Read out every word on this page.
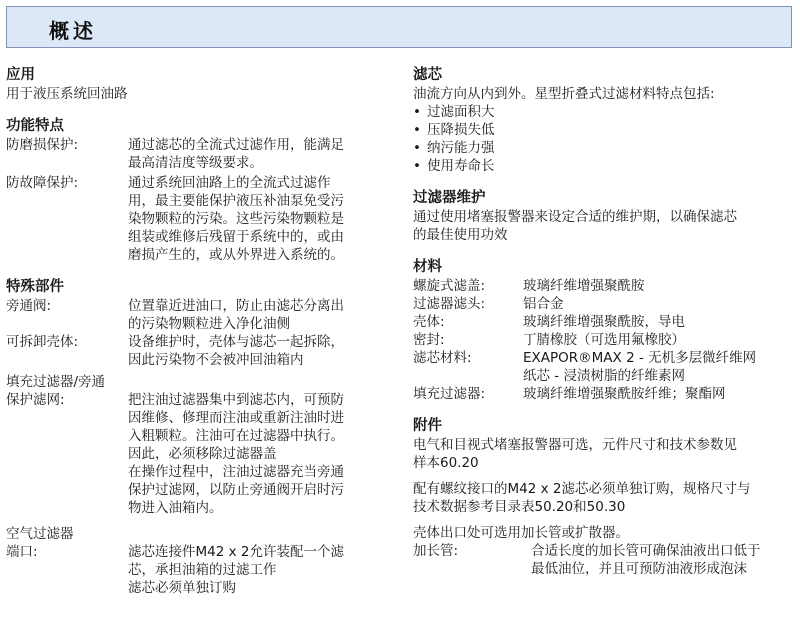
概述
应用
用于液压系统回油路
功能特点
防磨损保护:	通过滤芯的全流式过滤作用，能满足
最高清洁度等级要求。
防故障保护:	通过系统回油路上的全流式过滤作
用，最主要能保护液压补油泵免受污
染物颗粒的污染。这些污染物颗粒是
组装或维修后残留于系统中的，或由
磨损产生的，或从外界进入系统的。
特殊部件
旁通阀:	位置靠近进油口，防止由滤芯分离出
的污染物颗粒进入净化油侧
可拆卸壳体:	设备维护时，壳体与滤芯一起拆除，
因此污染物不会被冲回油箱内
填充过滤器/旁通
保护滤网:	把注油过滤器集中到滤芯内，可预防
因维修、修理而注油或重新注油时进
入粗颗粒。注油可在过滤器中执行。
因此，必须移除过滤器盖
在操作过程中，注油过滤器充当旁通
保护过滤网，以防止旁通阀开启时污
物进入油箱内。
空气过滤器
端口:	滤芯连接件M42 x 2允许装配一个滤
芯，承担油箱的过滤工作
滤芯必须单独订购
滤芯
油流方向从内到外。星型折叠式过滤材料特点包括:
• 过滤面积大
• 压降损失低
• 纳污能力强
• 使用寿命长
过滤器维护
通过使用堵塞报警器来设定合适的维护期，以确保滤芯
的最佳使用功效
材料
螺旋式滤盖:	玻璃纤维增强聚酰胺
过滤器滤头:	铝合金
壳体:	玻璃纤维增强聚酰胺，导电
密封:	丁腈橡胶（可选用氟橡胶）
滤芯材料:	EXAPOR®MAX 2 - 无机多层微纤维网
纸芯 - 浸渍树脂的纤维素网
填充过滤器:	玻璃纤维增强聚酰胺纤维；聚酯网
附件
电气和目视式堵塞报警器可选，元件尺寸和技术参数见
样本60.20
配有螺纹接口的M42 x 2滤芯必须单独订购，规格尺寸与
技术数据参考目录表50.20和50.30
壳体出口处可选用加长管或扩散器。
加长管:	合适长度的加长管可确保油液出口低于
最低油位，并且可预防油液形成泡沫
